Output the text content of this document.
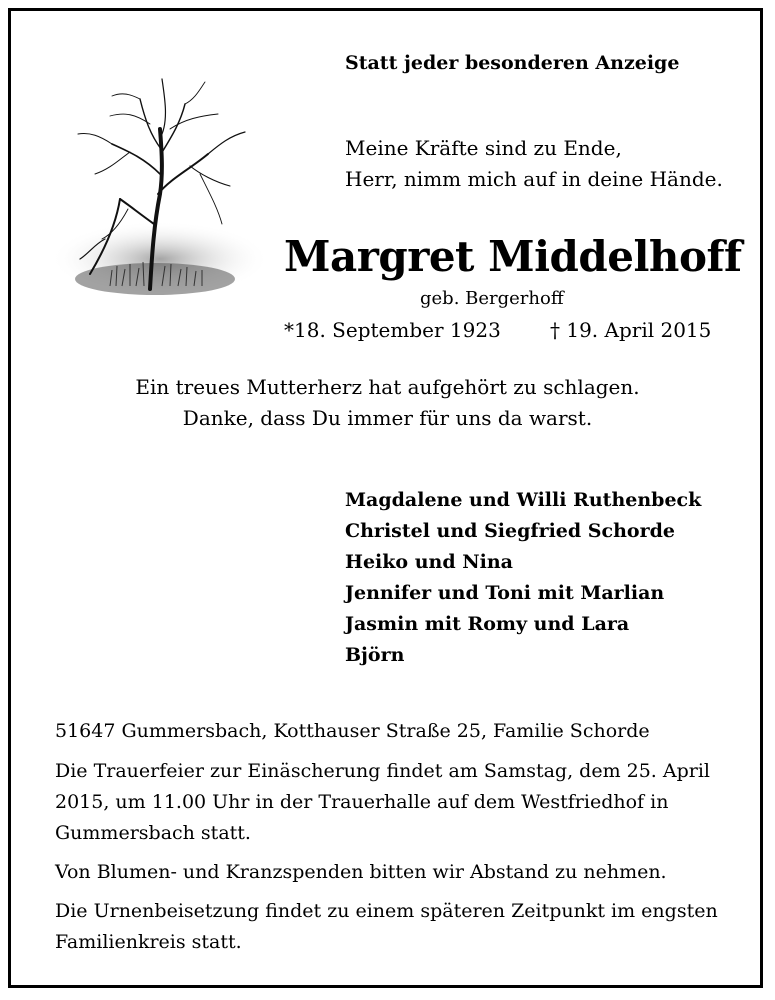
Statt jeder besonderen Anzeige
Meine Kräfte sind zu Ende,
Herr, nimm mich auf in deine Hände.
Margret Middelhoff
geb. Bergerhoff
*18. September 1923 † 19. April 2015
Ein treues Mutterherz hat aufgehört zu schlagen.
Danke, dass Du immer für uns da warst.
Magdalene und Willi Ruthenbeck
Christel und Siegfried Schorde
Heiko und Nina
Jennifer und Toni mit Marlian
Jasmin mit Romy und Lara
Björn
51647 Gummersbach, Kotthauser Straße 25, Familie Schorde

Die Trauerfeier zur Einäscherung findet am Samstag, dem 25. April 2015, um 11.00 Uhr in der Trauerhalle auf dem Westfriedhof in Gummersbach statt.

Von Blumen- und Kranzspenden bitten wir Abstand zu nehmen.

Die Urnenbeisetzung findet zu einem späteren Zeitpunkt im engsten Familienkreis statt.
